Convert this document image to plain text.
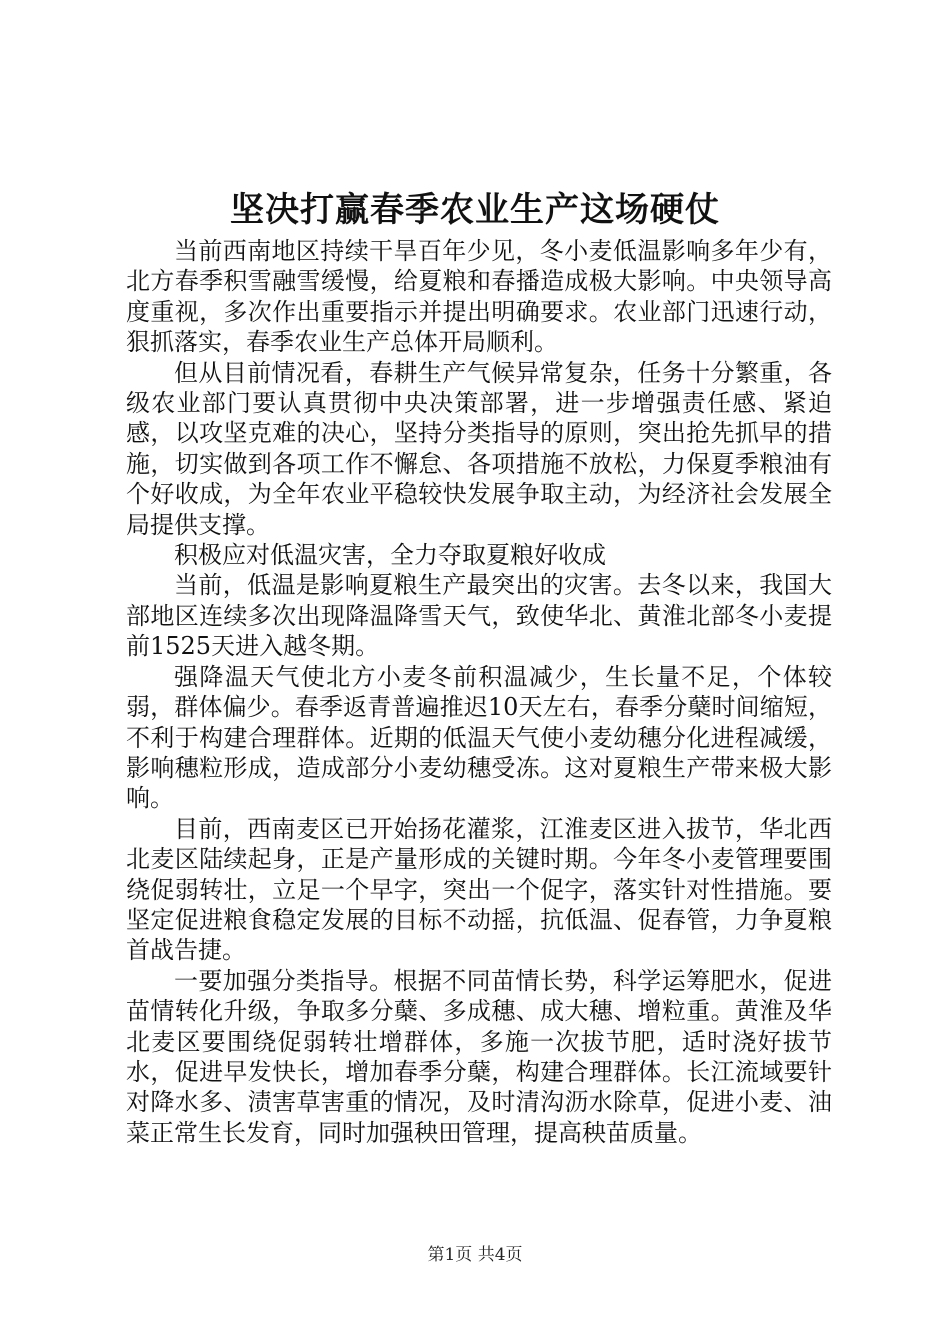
坚决打赢春季农业生产这场硬仗

当前西南地区持续干旱百年少见，冬小麦低温影响多年少有，北方春季积雪融雪缓慢，给夏粮和春播造成极大影响。中央领导高度重视，多次作出重要指示并提出明确要求。农业部门迅速行动，狠抓落实，春季农业生产总体开局顺利。

但从目前情况看，春耕生产气候异常复杂，任务十分繁重，各级农业部门要认真贯彻中央决策部署，进一步增强责任感、紧迫感，以攻坚克难的决心，坚持分类指导的原则，突出抢先抓早的措施，切实做到各项工作不懈怠、各项措施不放松，力保夏季粮油有个好收成，为全年农业平稳较快发展争取主动，为经济社会发展全局提供支撑。

积极应对低温灾害，全力夺取夏粮好收成

当前，低温是影响夏粮生产最突出的灾害。去冬以来，我国大部地区连续多次出现降温降雪天气，致使华北、黄淮北部冬小麦提前1525天进入越冬期。

强降温天气使北方小麦冬前积温减少，生长量不足，个体较弱，群体偏少。春季返青普遍推迟10天左右，春季分蘖时间缩短，不利于构建合理群体。近期的低温天气使小麦幼穗分化进程减缓，影响穗粒形成，造成部分小麦幼穗受冻。这对夏粮生产带来极大影响。

目前，西南麦区已开始扬花灌浆，江淮麦区进入拔节，华北西北麦区陆续起身，正是产量形成的关键时期。今年冬小麦管理要围绕促弱转壮，立足一个早字，突出一个促字，落实针对性措施。要坚定促进粮食稳定发展的目标不动摇，抗低温、促春管，力争夏粮首战告捷。

一要加强分类指导。根据不同苗情长势，科学运筹肥水，促进苗情转化升级，争取多分蘖、多成穗、成大穗、增粒重。黄淮及华北麦区要围绕促弱转壮增群体，多施一次拔节肥，适时浇好拔节水，促进早发快长，增加春季分蘖，构建合理群体。长江流域要针对降水多、渍害草害重的情况，及时清沟沥水除草，促进小麦、油菜正常生长发育，同时加强秧田管理，提高秧苗质量。

第1页 共4页
